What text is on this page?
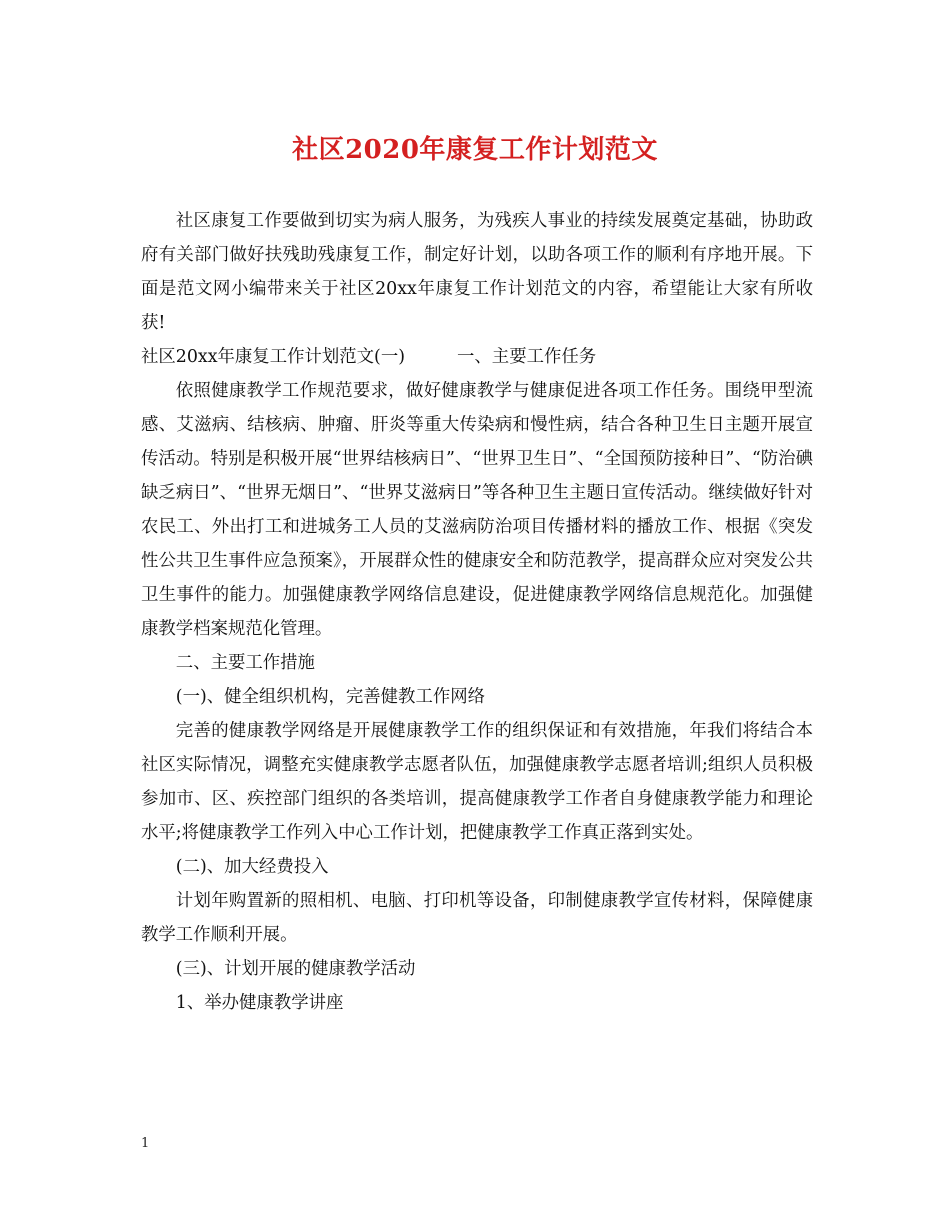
社区2020年康复工作计划范文

社区康复工作要做到切实为病人服务，为残疾人事业的持续发展奠定基础，协助政府有关部门做好扶残助残康复工作，制定好计划，以助各项工作的顺利有序地开展。下面是范文网小编带来关于社区20xx年康复工作计划范文的内容，希望能让大家有所收获!

社区20xx年康复工作计划范文(一)	一、主要工作任务

依照健康教学工作规范要求，做好健康教学与健康促进各项工作任务。围绕甲型流感、艾滋病、结核病、肿瘤、肝炎等重大传染病和慢性病，结合各种卫生日主题开展宣传活动。特别是积极开展“世界结核病日”、“世界卫生日”、“全国预防接种日”、“防治碘缺乏病日”、“世界无烟日”、“世界艾滋病日”等各种卫生主题日宣传活动。继续做好针对农民工、外出打工和进城务工人员的艾滋病防治项目传播材料的播放工作、根据《突发性公共卫生事件应急预案》，开展群众性的健康安全和防范教学，提高群众应对突发公共卫生事件的能力。加强健康教学网络信息建设，促进健康教学网络信息规范化。加强健康教学档案规范化管理。

二、主要工作措施

(一)、健全组织机构，完善健教工作网络

完善的健康教学网络是开展健康教学工作的组织保证和有效措施，年我们将结合本社区实际情况，调整充实健康教学志愿者队伍，加强健康教学志愿者培训;组织人员积极参加市、区、疾控部门组织的各类培训，提高健康教学工作者自身健康教学能力和理论水平;将健康教学工作列入中心工作计划，把健康教学工作真正落到实处。

(二)、加大经费投入

计划年购置新的照相机、电脑、打印机等设备，印制健康教学宣传材料，保障健康教学工作顺利开展。

(三)、计划开展的健康教学活动

1、举办健康教学讲座

1
